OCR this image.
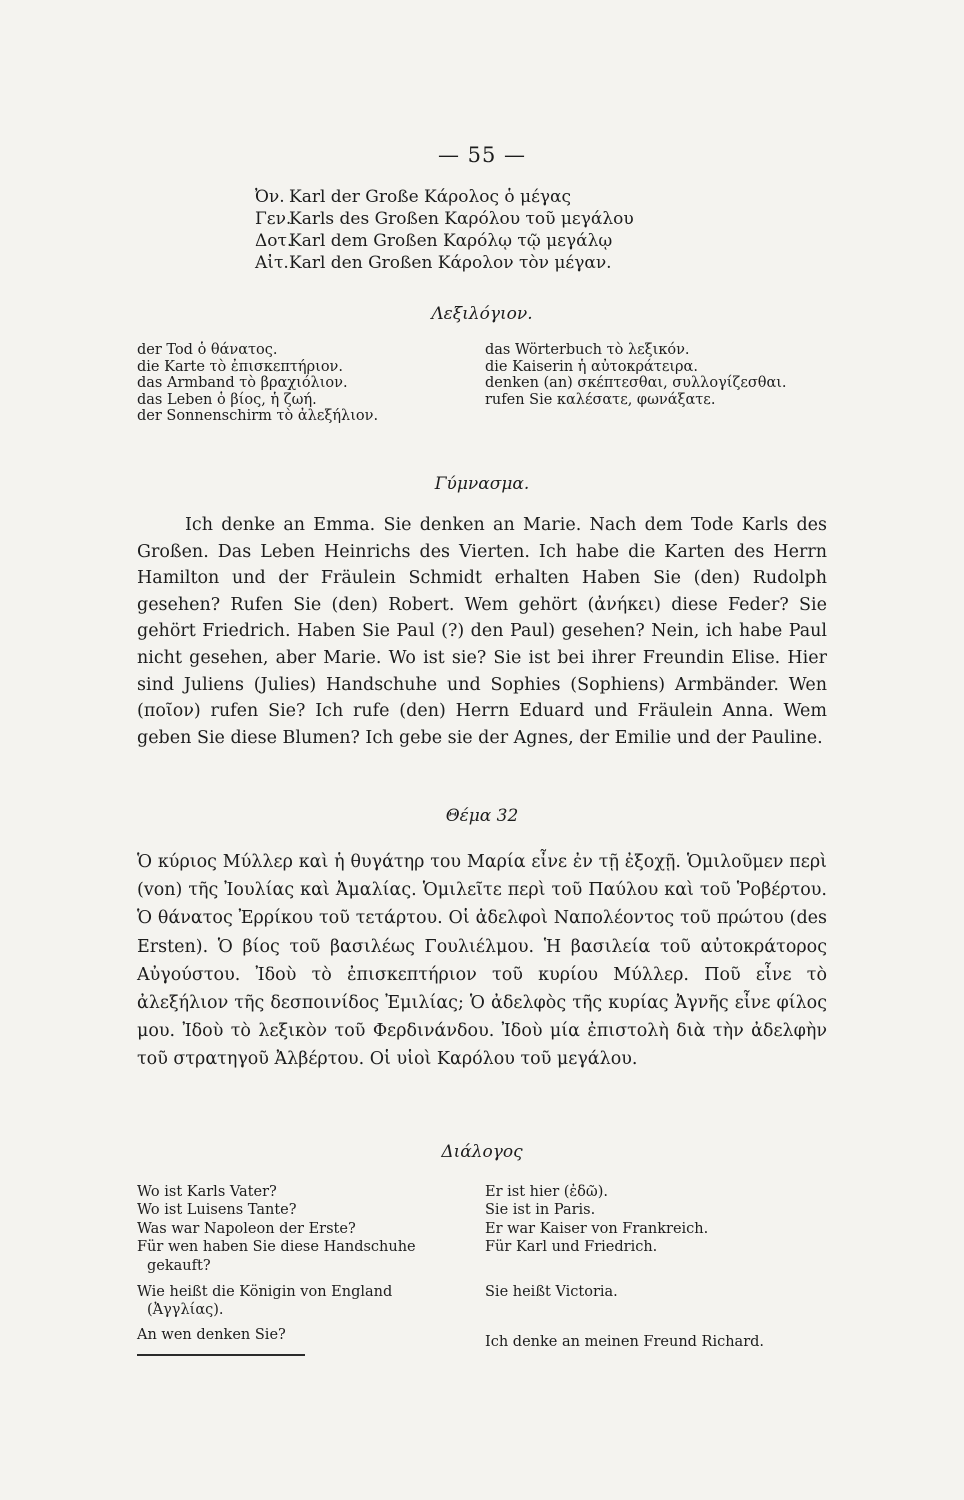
— 55 —
Ὀν. Karl der Große Κάρολος ὁ μέγας
Γεν.
Karls des Großen Καρόλου τοῦ μεγάλου
Δοτ.
Karl dem Großen Καρόλῳ τῷ μεγάλῳ
Αἰτ. Karl den Großen Κάρολον τὸν μέγαν.
Λεξιλόγιον.
der Tod ὁ θάνατος.
die Karte τὸ ἐπισκεπτήριον.
das Armband τὸ βραχιόλιον.
das Leben ὁ βίος, ἡ ζωή.
der Sonnenschirm τὸ ἀλεξήλιον.
das Wörterbuch τὸ λεξικόν.
die Kaiserin ἡ αὐτοκράτειρα.
denken (an) σκέπτεσθαι, συλλογίζεσθαι.
rufen Sie καλέσατε, φωνάξατε.
Γύμνασμα.
Ich denke an Emma. Sie denken an Marie. Nach dem Tode Karls des Großen. Das Leben Heinrichs des Vierten. Ich habe die Karten des Herrn Hamilton und der Fräulein Schmidt erhalten Haben Sie (den) Rudolph gesehen? Rufen Sie (den) Robert. Wem gehört (ἀνήκει) diese Feder? Sie gehört Friedrich. Haben Sie Paul (?) den Paul) gesehen? Nein, ich habe Paul nicht gesehen, aber Marie. Wo ist sie? Sie ist bei ihrer Freundin Elise. Hier sind Juliens (Julies) Handschuhe und Sophies (Sophiens) Armbänder. Wen (ποῖον) rufen Sie? Ich rufe (den) Herrn Eduard und Fräulein Anna. Wem geben Sie diese Blumen? Ich gebe sie der Agnes, der Emilie und der Pauline.
Θέμα 32
Ὁ κύριος Μύλλερ καὶ ἡ θυγάτηρ του Μαρία εἶνε ἐν τῇ ἐξοχῇ. Ὁμιλοῦμεν περὶ (von) τῆς Ἰουλίας καὶ Ἀμαλίας. Ὁμιλεῖτε περὶ τοῦ Παύλου καὶ τοῦ Ῥοβέρτου. Ὁ θάνατος Ἐρρίκου τοῦ τετάρτου. Οἱ ἀδελφοὶ Ναπολέοντος τοῦ πρώτου (des Ersten). Ὁ βίος τοῦ βασιλέως Γουλιέλμου. Ἡ βασιλεία τοῦ αὐτοκράτορος Αὐγούστου. Ἰδοὺ τὸ ἐπισκεπτήριον τοῦ κυρίου Μύλλερ. Ποῦ εἶνε τὸ ἀλεξήλιον τῆς δεσποινίδος Ἐμιλίας; Ὁ ἀδελφὸς τῆς κυρίας Ἀγνῆς εἶνε φίλος μου. Ἰδοὺ τὸ λεξικὸν τοῦ Φερδινάνδου. Ἰδοὺ μία ἐπιστολὴ διὰ τὴν ἀδελφὴν τοῦ στρατηγοῦ Ἀλβέρτου. Οἱ υἱοὶ Καρόλου τοῦ μεγάλου.
Διάλογος
Wo ist Karls Vater?
Wo ist Luisens Tante?
Was war Napoleon der Erste?
Für wen haben Sie diese Handschuhe
gekauft?
Wie heißt die Königin von England
(Ἀγγλίας).
An wen denken Sie?
Er ist hier (ἐδῶ).
Sie ist in Paris.
Er war Kaiser von Frankreich.
Für Karl und Friedrich.
Sie heißt Victoria.
Ich denke an meinen Freund Richard.
